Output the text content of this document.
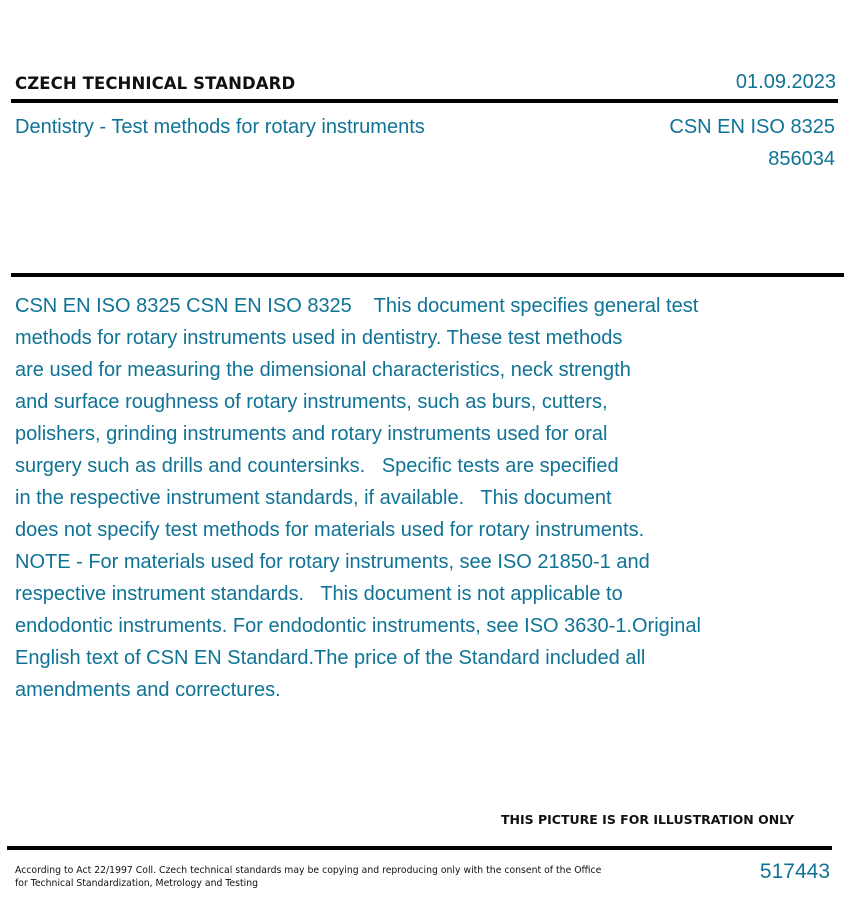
CZECH TECHNICAL STANDARD	01.09.2023
Dentistry - Test methods for rotary instruments	CSN EN ISO 8325
856034
CSN EN ISO 8325 CSN EN ISO 8325    This document specifies general test
methods for rotary instruments used in dentistry. These test methods
are used for measuring the dimensional characteristics, neck strength
and surface roughness of rotary instruments, such as burs, cutters,
polishers, grinding instruments and rotary instruments used for oral
surgery such as drills and countersinks.   Specific tests are specified
in the respective instrument standards, if available.   This document
does not specify test methods for materials used for rotary instruments.
NOTE - For materials used for rotary instruments, see ISO 21850-1 and
respective instrument standards.   This document is not applicable to
endodontic instruments. For endodontic instruments, see ISO 3630-1.Original
English text of CSN EN Standard.The price of the Standard included all
amendments and correctures.
THIS PICTURE IS FOR ILLUSTRATION ONLY
According to Act 22/1997 Coll. Czech technical standards may be copying and reproducing only with the consent of the Office
for Technical Standardization, Metrology and Testing
517443
